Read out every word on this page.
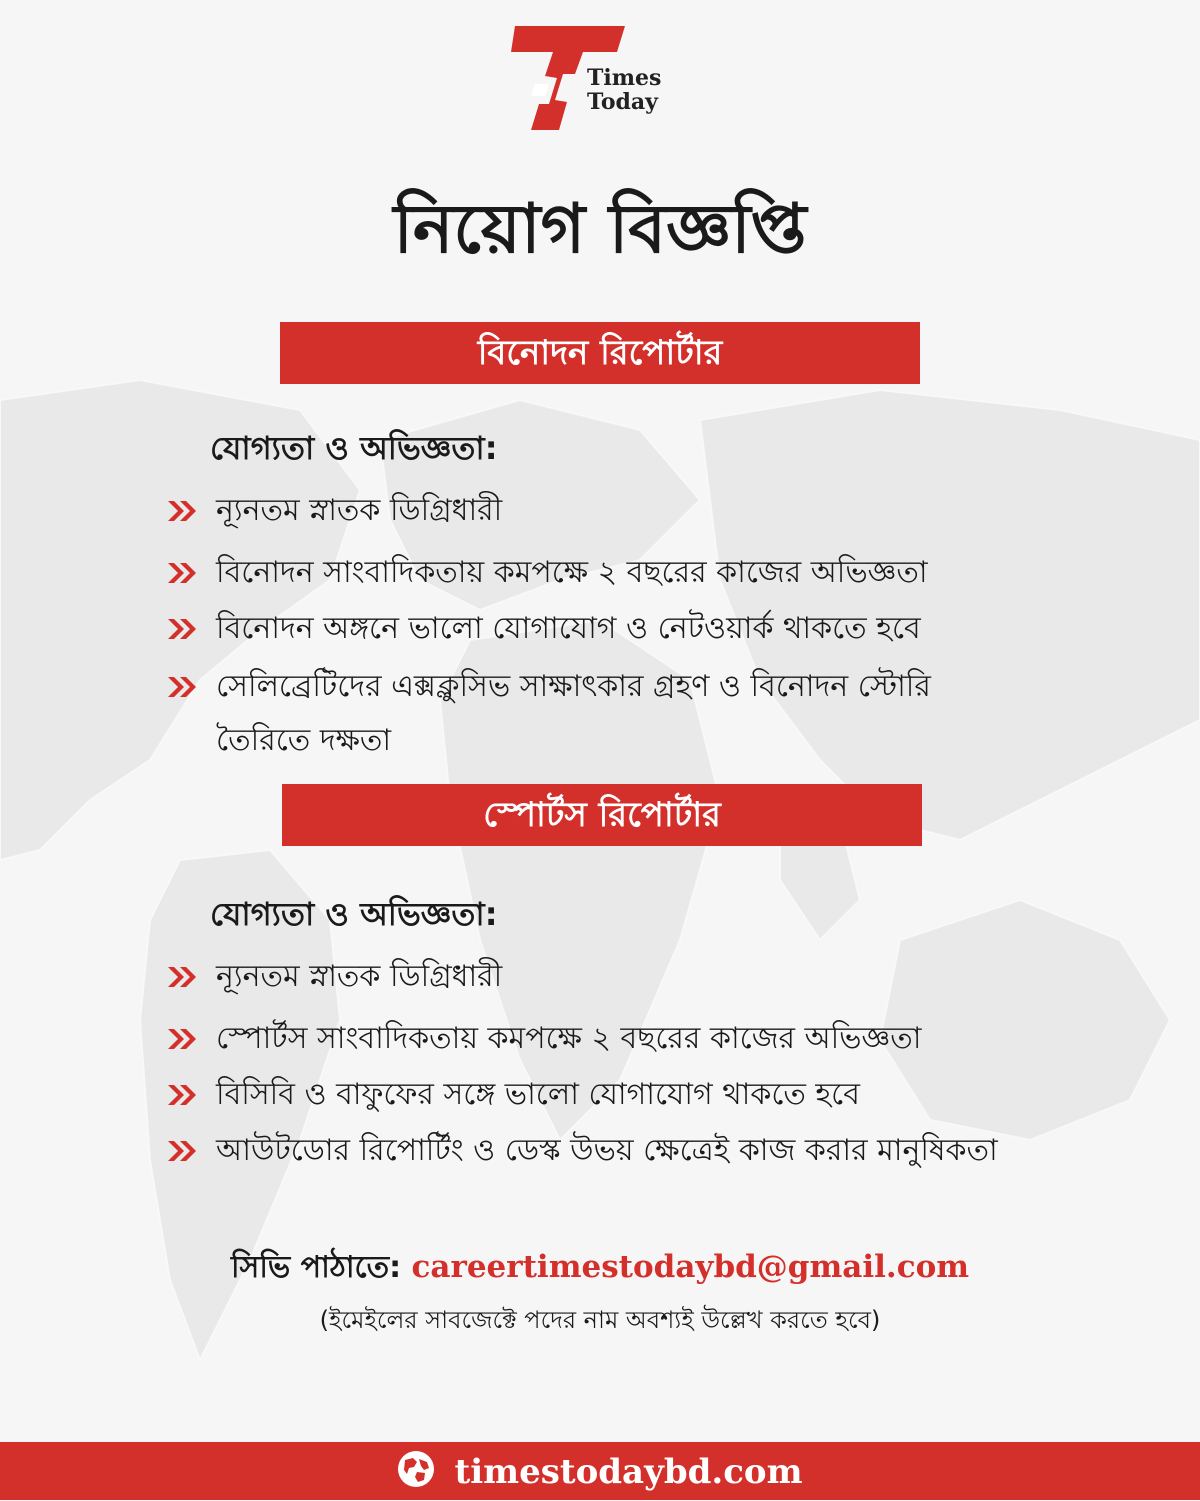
Times
Today
নিয়োগ বিজ্ঞপ্তি
বিনোদন রিপোর্টার
যোগ্যতা ও অভিজ্ঞতা:
ন্যূনতম স্নাতক ডিগ্রিধারী
বিনোদন সাংবাদিকতায় কমপক্ষে ২ বছরের কাজের অভিজ্ঞতা
বিনোদন অঙ্গনে ভালো যোগাযোগ ও নেটওয়ার্ক থাকতে হবে
সেলিব্রেটিদের এক্সক্লুসিভ সাক্ষাৎকার গ্রহণ ও বিনোদন স্টোরি তৈরিতে দক্ষতা
স্পোর্টস রিপোর্টার
যোগ্যতা ও অভিজ্ঞতা:
ন্যূনতম স্নাতক ডিগ্রিধারী
স্পোর্টস সাংবাদিকতায় কমপক্ষে ২ বছরের কাজের অভিজ্ঞতা
বিসিবি ও বাফুফের সঙ্গে ভালো যোগাযোগ থাকতে হবে
আউটডোর রিপোর্টিং ও ডেস্ক উভয় ক্ষেত্রেই কাজ করার মানুষিকতা
সিভি পাঠাতে: careertimestodaybd@gmail.com
(ইমেইলের সাবজেক্টে পদের নাম অবশ্যই উল্লেখ করতে হবে)
timestodaybd.com
